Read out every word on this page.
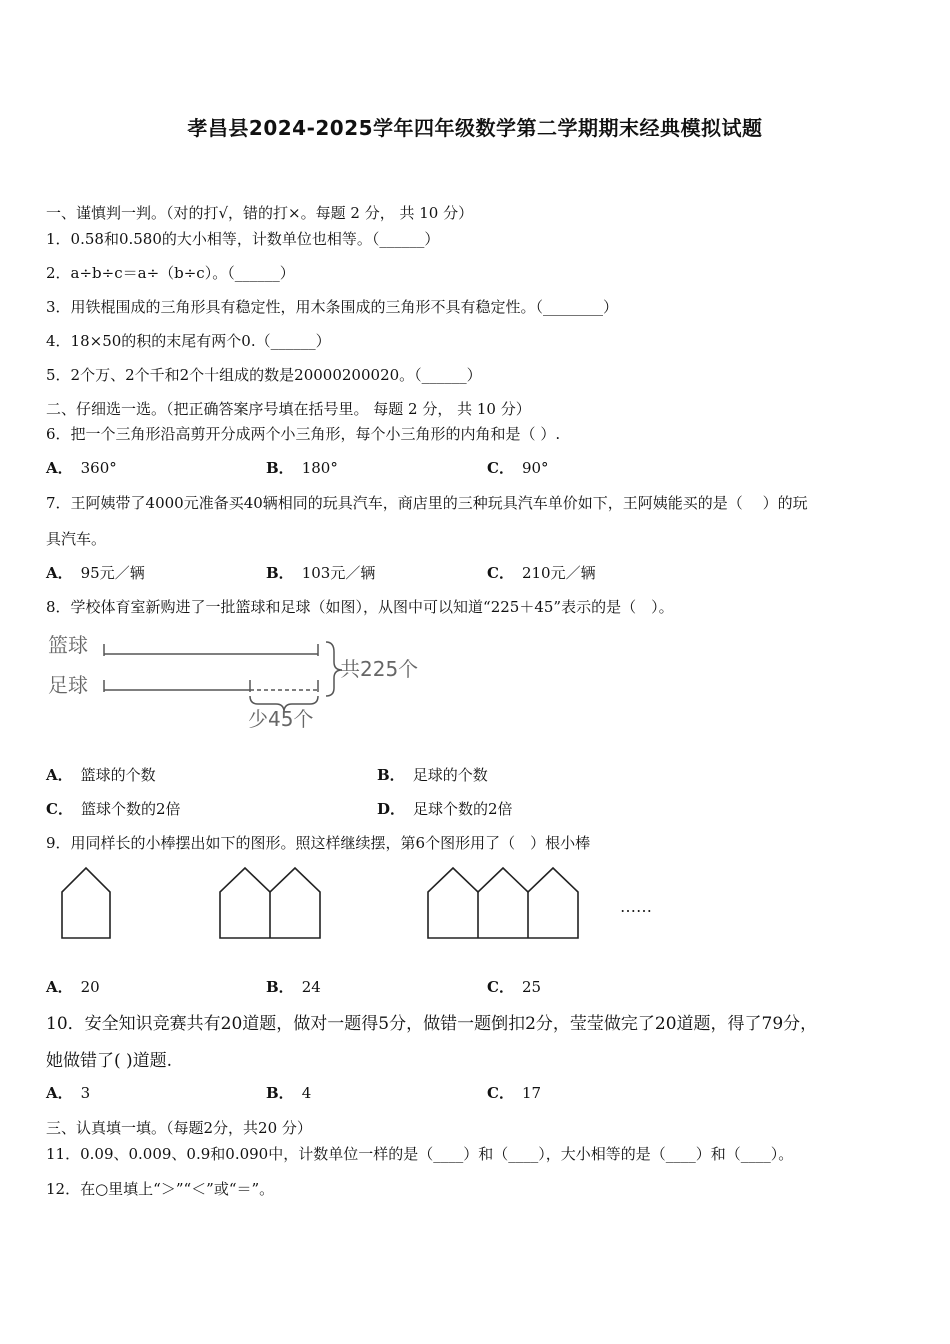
孝昌县2024-2025学年四年级数学第二学期期末经典模拟试题
一、谨慎判一判。（对的打√，错的打×。每题 2 分， 共 10 分）
1．0.58和0.580的大小相等，计数单位也相等。（______）
2．a÷b÷c＝a÷（b÷c）。（______）
3．用铁棍围成的三角形具有稳定性，用木条围成的三角形不具有稳定性。（________）
4．18×50的积的末尾有两个0.（______）
5．2个万、2个千和2个十组成的数是20000200020。（______）
二、仔细选一选。（把正确答案序号填在括号里。 每题 2 分， 共 10 分）
6．把一个三角形沿高剪开分成两个小三角形，每个小三角形的内角和是（ ）.
A． 360°	B． 180°	C． 90°
7．王阿姨带了4000元准备买40辆相同的玩具汽车，商店里的三种玩具汽车单价如下，王阿姨能买的是（　 ）的玩
具汽车。
A． 95元／辆	B． 103元／辆	C． 210元／辆
8．学校体育室新购进了一批篮球和足球（如图），从图中可以知道“225＋45”表示的是（　）。
篮球
足球
共225个
少45个
A． 篮球的个数	B． 足球的个数
C． 篮球个数的2倍	D． 足球个数的2倍
9．用同样长的小棒摆出如下的图形。照这样继续摆，第6个图形用了（　）根小棒
……
A． 20	B． 24	C． 25
10．安全知识竞赛共有20道题，做对一题得5分，做错一题倒扣2分，莹莹做完了20道题，得了79分，
她做错了( )道题.
A． 3	B． 4	C． 17
三、认真填一填。（每题2分，共20 分）
11．0.09、0.009、0.9和0.090中，计数单位一样的是（____）和（____），大小相等的是（____）和（____）。
12．在○里填上“＞”“＜”或“＝”。
